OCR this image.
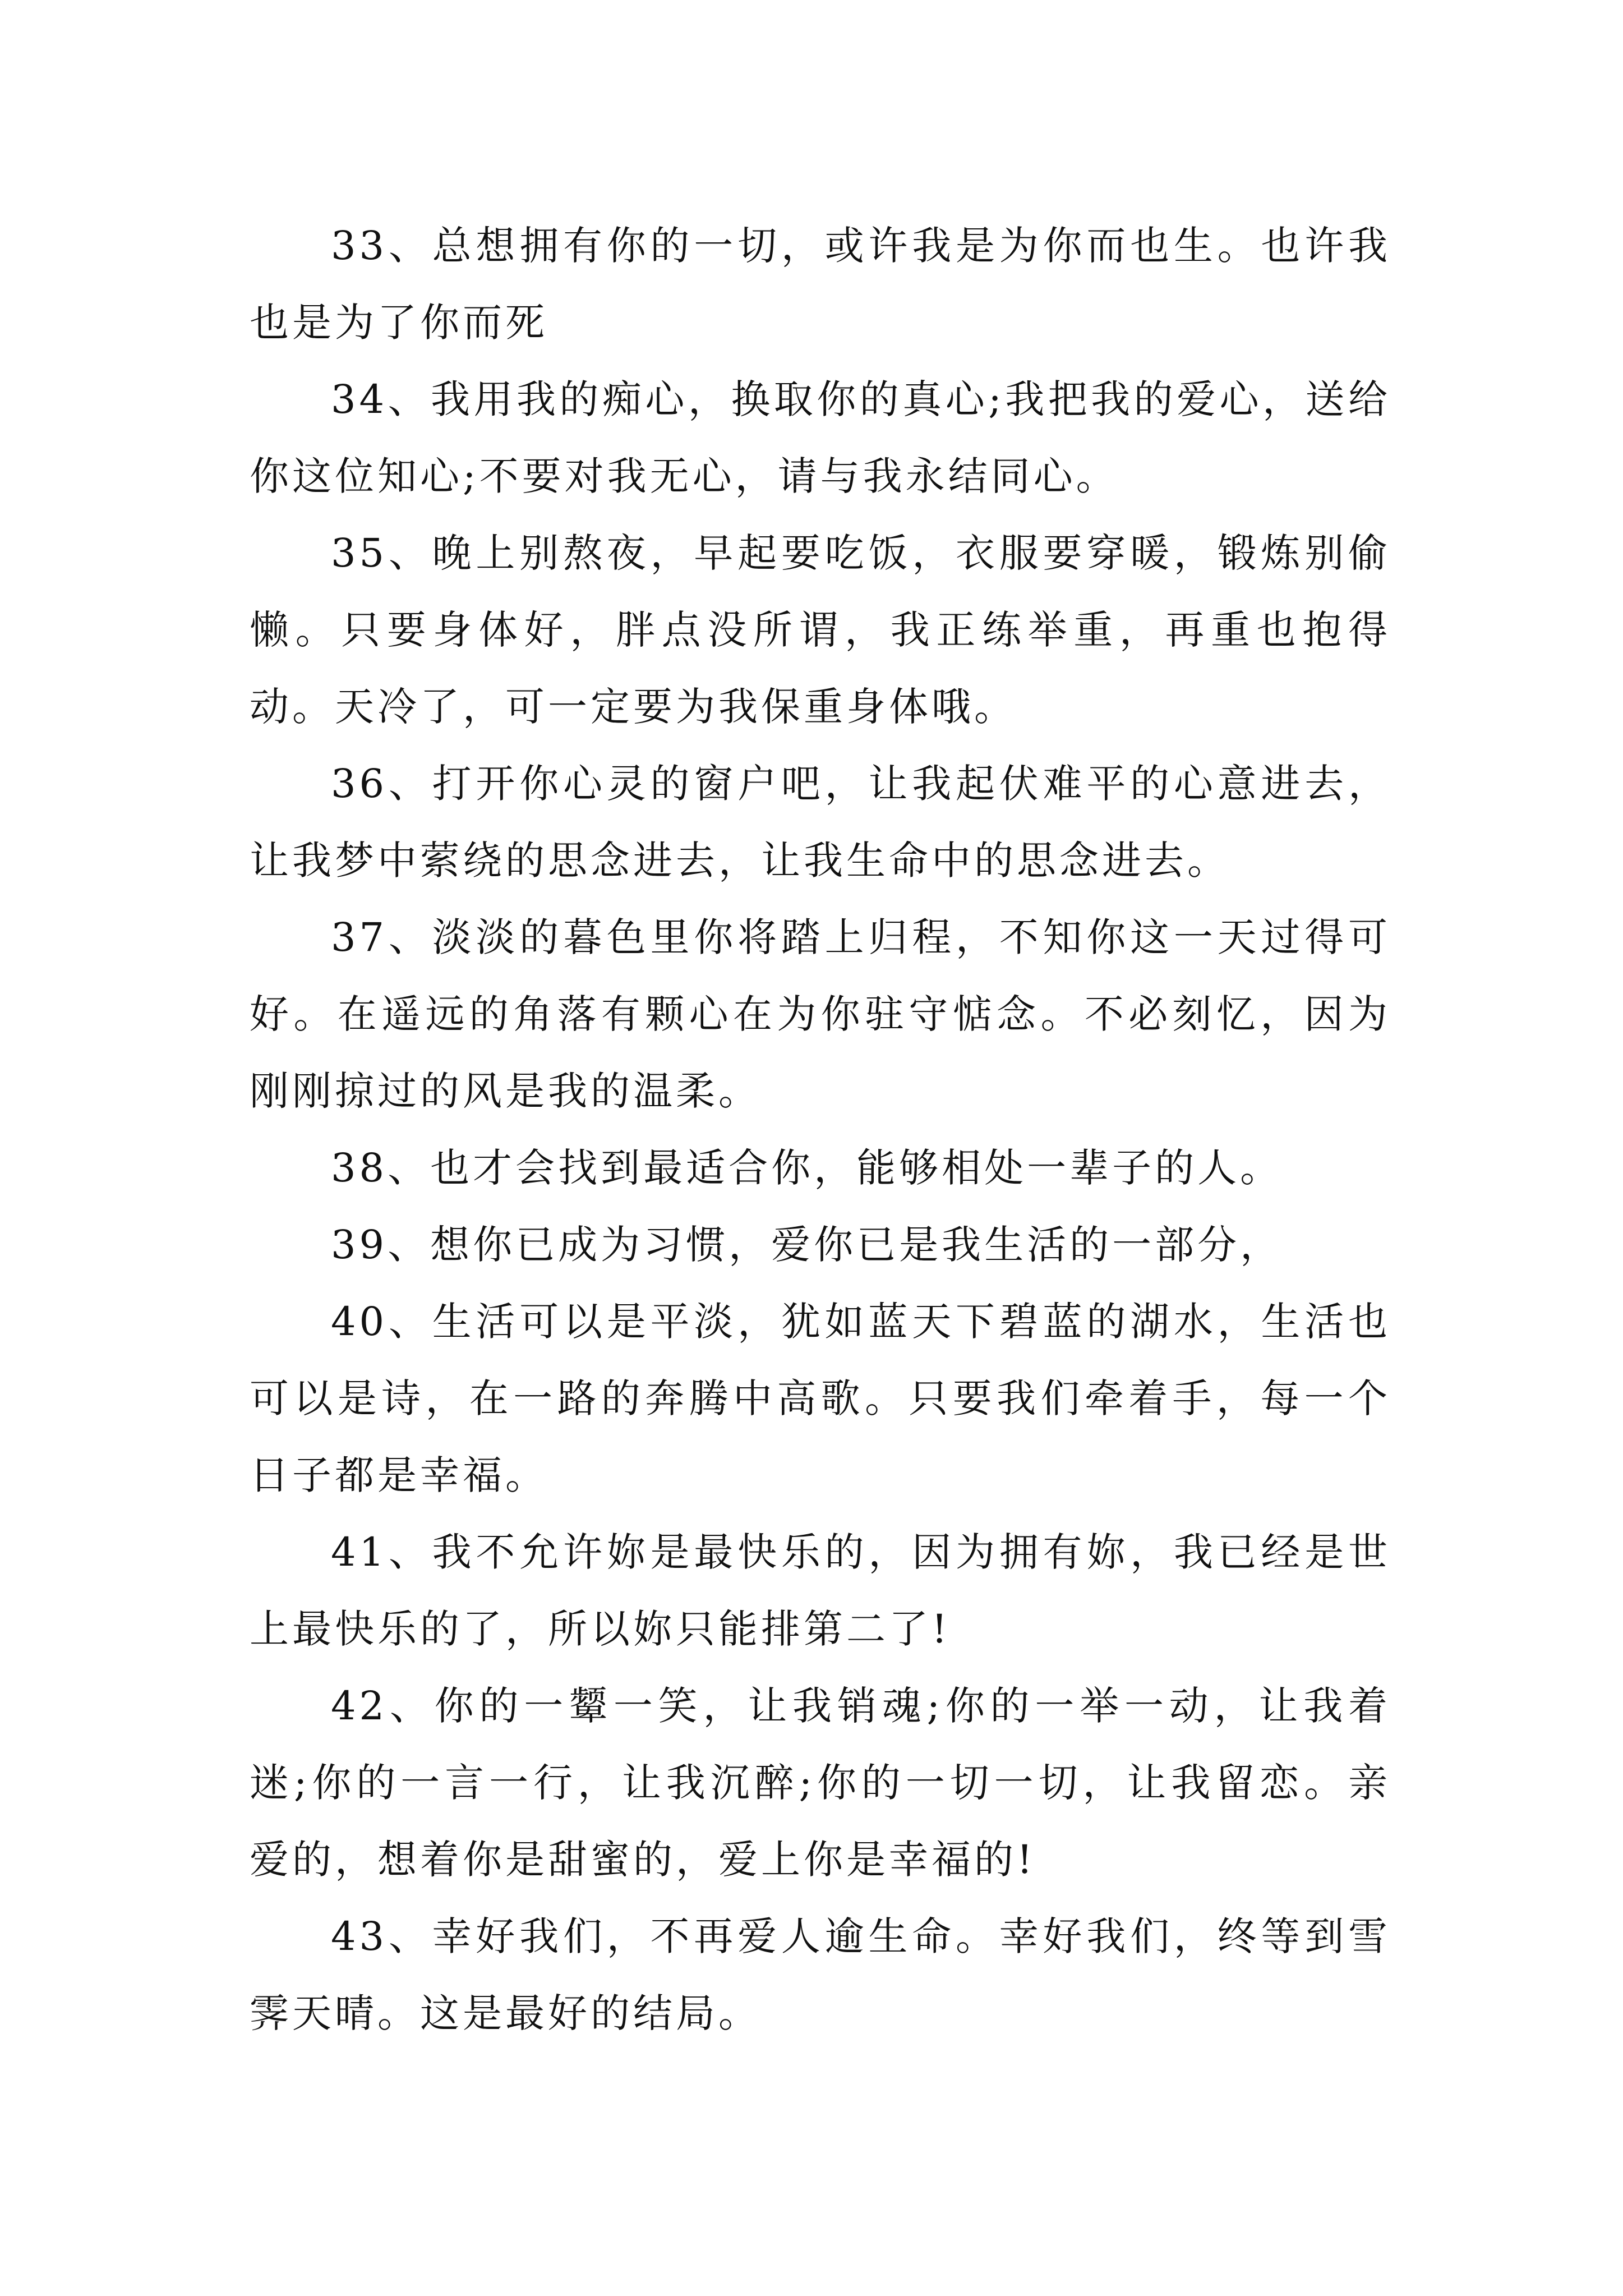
33、总想拥有你的一切，或许我是为你而也生。也许我也是为了你而死

34、我用我的痴心，换取你的真心;我把我的爱心，送给你这位知心;不要对我无心，请与我永结同心。

35、晚上别熬夜，早起要吃饭，衣服要穿暖，锻炼别偷懒。只要身体好，胖点没所谓，我正练举重，再重也抱得动。天冷了，可一定要为我保重身体哦。

36、打开你心灵的窗户吧，让我起伏难平的心意进去，让我梦中萦绕的思念进去，让我生命中的思念进去。

37、淡淡的暮色里你将踏上归程，不知你这一天过得可好。在遥远的角落有颗心在为你驻守惦念。不必刻忆，因为刚刚掠过的风是我的温柔。

38、也才会找到最适合你，能够相处一辈子的人。

39、想你已成为习惯，爱你已是我生活的一部分，

40、生活可以是平淡，犹如蓝天下碧蓝的湖水，生活也可以是诗，在一路的奔腾中高歌。只要我们牵着手，每一个日子都是幸福。

41、我不允许妳是最快乐的，因为拥有妳，我已经是世上最快乐的了，所以妳只能排第二了!

42、你的一颦一笑，让我销魂;你的一举一动，让我着迷;你的一言一行，让我沉醉;你的一切一切，让我留恋。亲爱的，想着你是甜蜜的，爱上你是幸福的!

43、幸好我们，不再爱人逾生命。幸好我们，终等到雪霁天晴。这是最好的结局。
